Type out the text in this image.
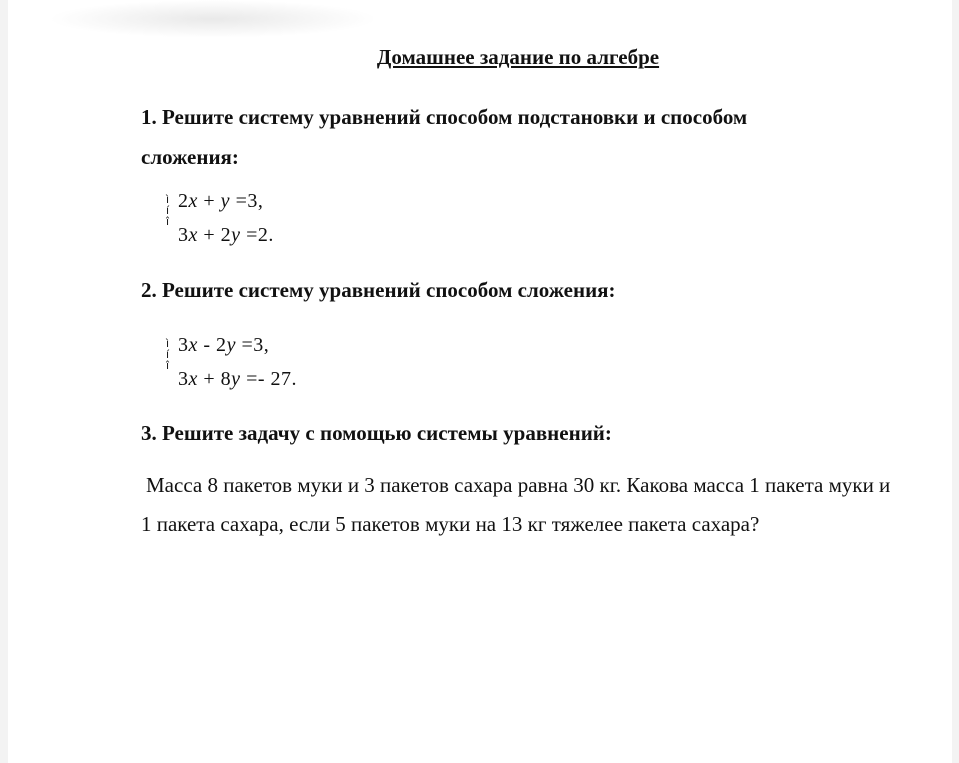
Домашнее задание по алгебре
1. Решите систему уравнений способом подстановки и способом сложения:
ì
í
î
2x + y =3,
3x + 2y =2.
2. Решите систему уравнений способом сложения:
ì
í
î
3x - 2y =3,
3x + 8y =- 27.
3. Решите задачу с помощью системы уравнений:
Масса 8 пакетов муки и 3 пакетов сахара равна 30 кг. Какова масса 1 пакета муки и 1 пакета сахара, если 5 пакетов муки на 13 кг тяжелее пакета сахара?
